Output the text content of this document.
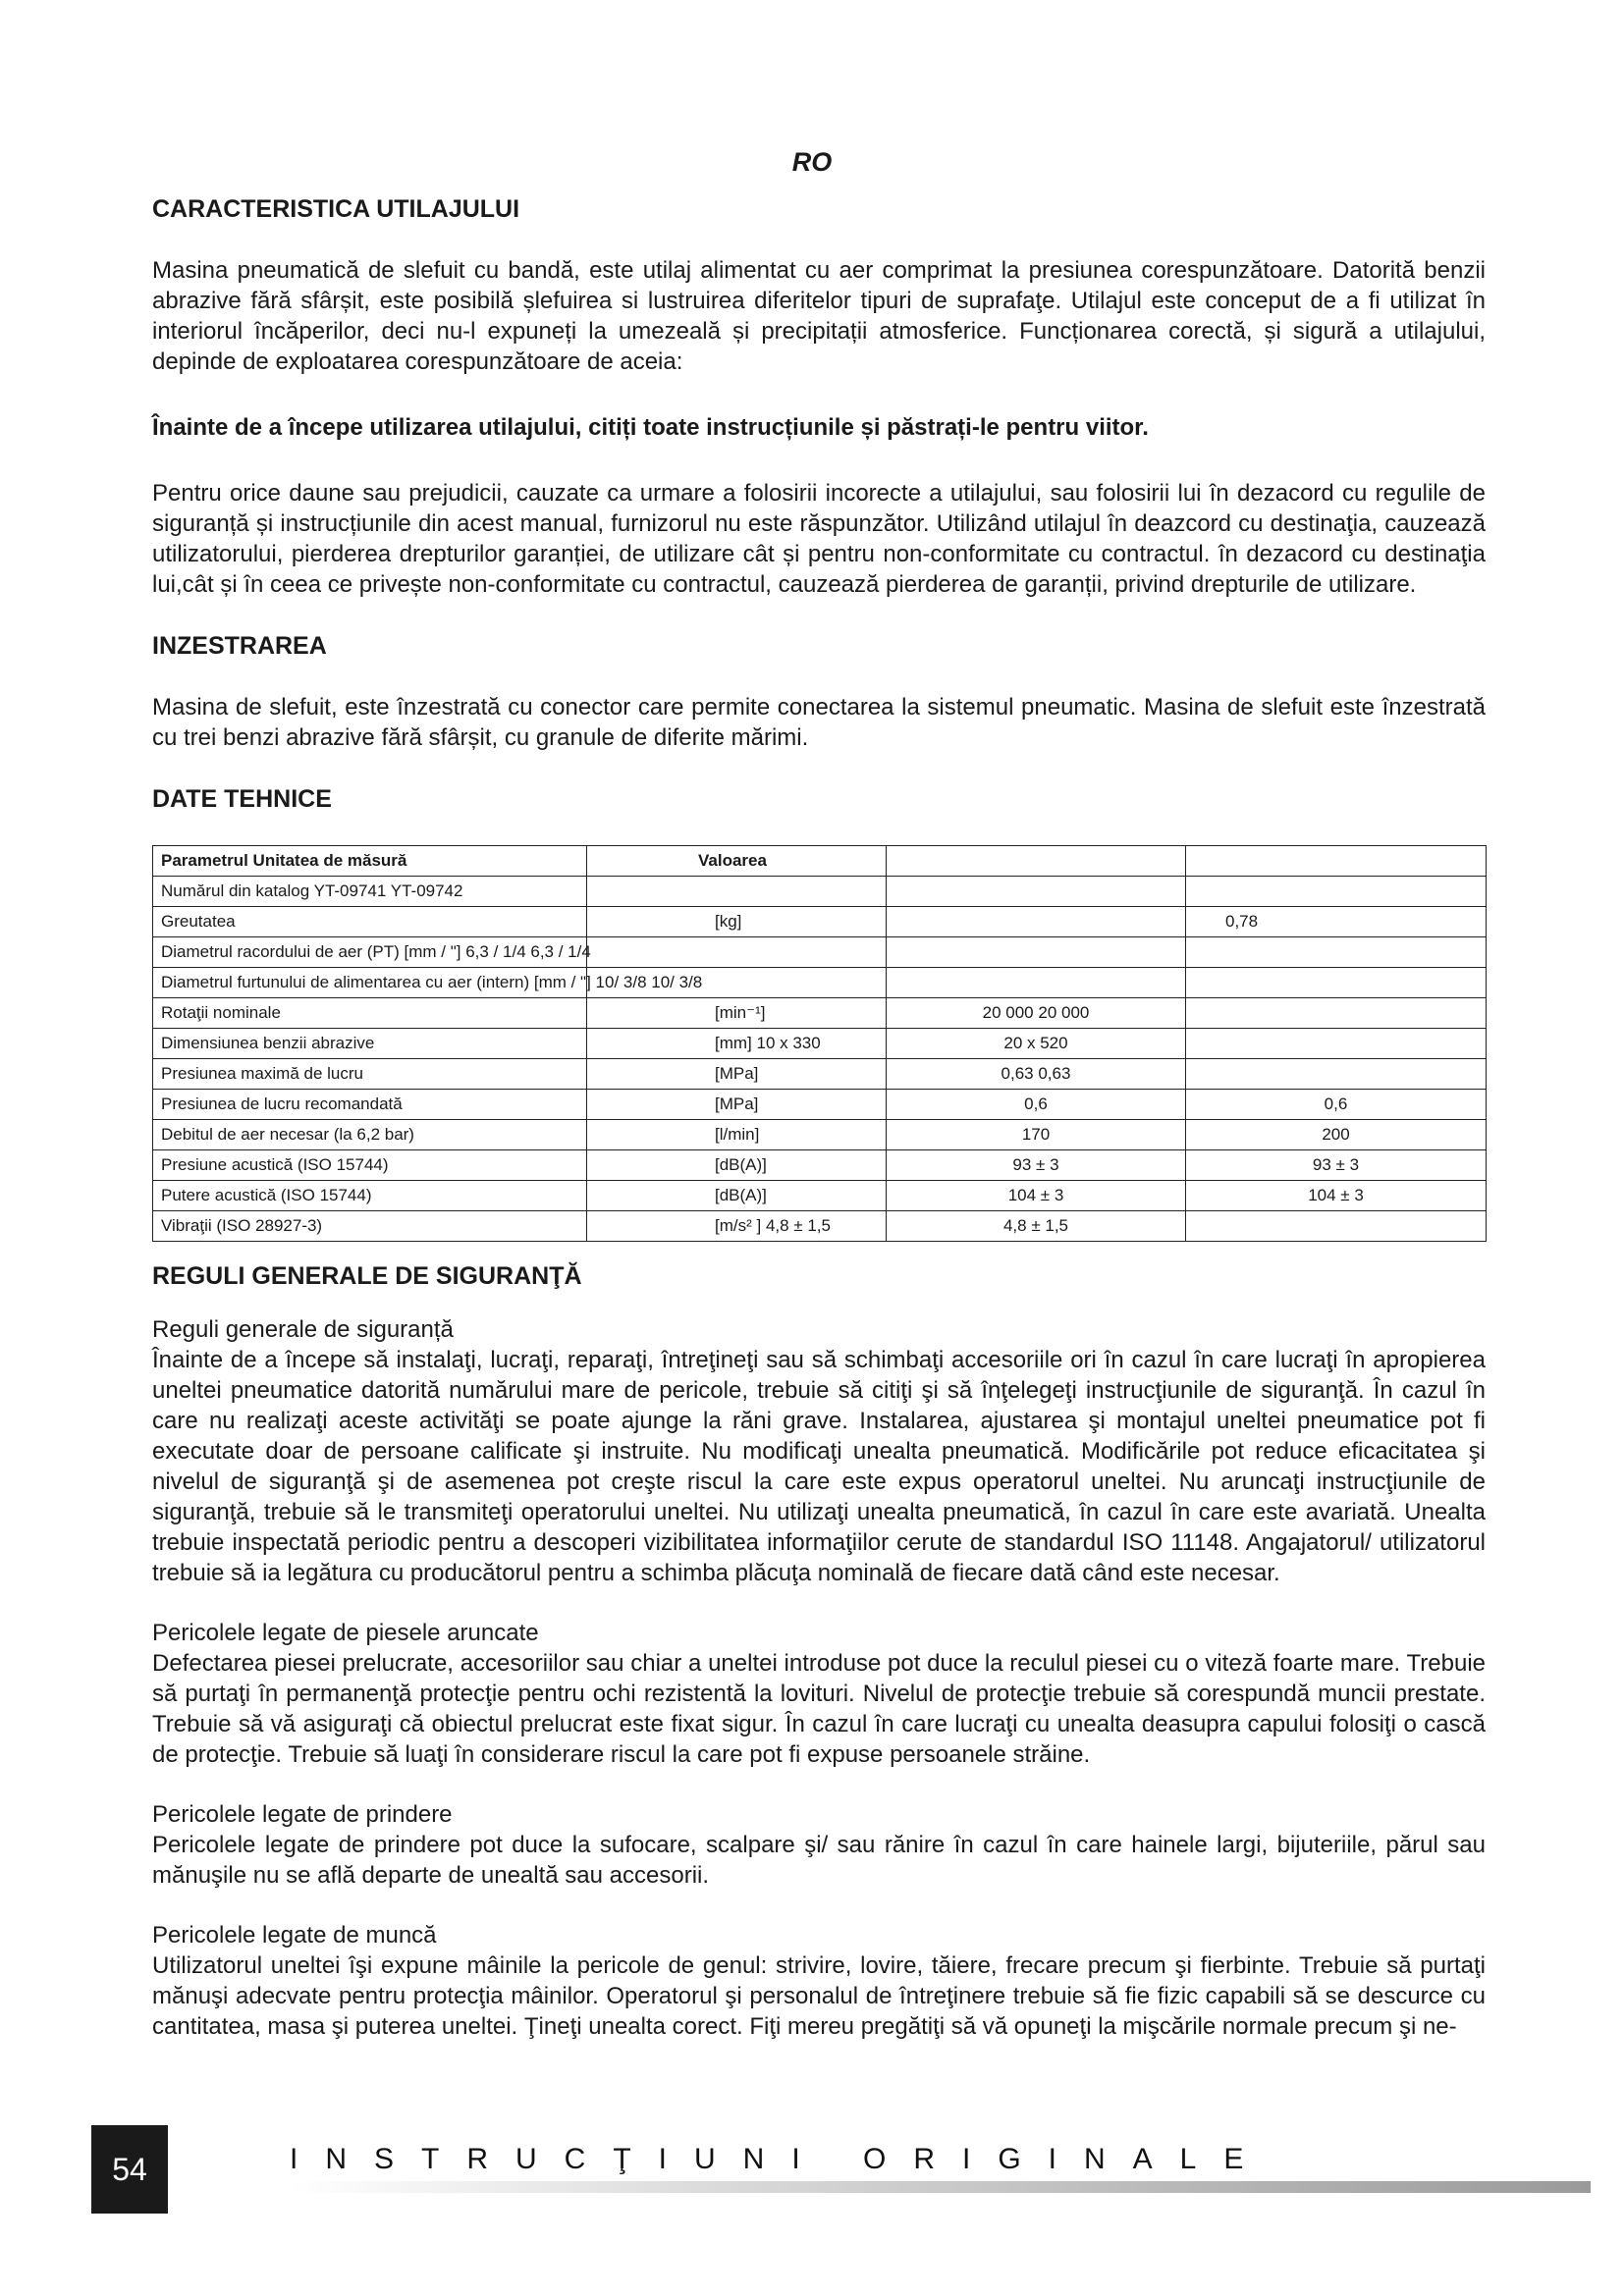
RO
CARACTERISTICA UTILAJULUI

Masina pneumatică de slefuit cu bandă, este utilaj alimentat cu aer comprimat la presiunea corespunzătoare. Datorită benzii abrazive fără sfârșit, este posibilă șlefuirea si lustruirea diferitelor tipuri de suprafaţe. Utilajul este conceput de a fi utilizat în interiorul încăperilor, deci nu-l expuneți la umezeală și precipitații atmosferice. Funcționarea corectă, și sigură a utilajului, depinde de exploatarea corespunzătoare de aceia:

Înainte de a începe utilizarea utilajului, citiți toate instrucțiunile și păstrați-le pentru viitor.

Pentru orice daune sau prejudicii, cauzate ca urmare a folosirii incorecte a utilajului, sau folosirii lui în dezacord cu regulile de siguranță și instrucțiunile din acest manual, furnizorul nu este răspunzător. Utilizând utilajul în deazcord cu destinaţia, cauzează utilizatorului, pierderea drepturilor garanției, de utilizare cât și pentru non-conformitate cu contractul. în dezacord cu destinaţia lui,cât și în ceea ce privește non-conformitate cu contractul, cauzează pierderea de garanții, privind drepturile de utilizare.

INZESTRAREA

Masina de slefuit, este înzestrată cu conector care permite conectarea la sistemul pneumatic. Masina de slefuit este înzestrată cu trei benzi abrazive fără sfârșit, cu granule de diferite mărimi.

DATE TEHNICE
Parametrul Unitatea de măsură	Valoarea		
Numărul din katalog YT-09741 YT-09742			
Greutatea	[kg]		0,78
Diametrul racordului de aer (PT) [mm / "] 6,3 / 1/4 6,3 / 1/4			
Diametrul furtunului de alimentarea cu aer (intern) [mm / "] 10/ 3/8 10/ 3/8			
Rotaţii nominale	[min⁻¹]	20 000 20 000	
Dimensiunea benzii abrazive	[mm] 10 x 330	20 x 520	
Presiunea maximă de lucru	[MPa]	0,63 0,63	
Presiunea de lucru recomandată	[MPa]	0,6	0,6
Debitul de aer necesar (la 6,2 bar)	[l/min]	170	200
Presiune acustică (ISO 15744)	[dB(A)]	93 ± 3	93 ± 3
Putere acustică (ISO 15744)	[dB(A)]	104 ± 3	104 ± 3
Vibraţii (ISO 28927-3)	[m/s² ] 4,8 ± 1,5	4,8 ± 1,5	
REGULI GENERALE DE SIGURANŢĂ

Reguli generale de siguranță

Înainte de a începe să instalaţi, lucraţi, reparaţi, întreţineţi sau să schimbaţi accesoriile ori în cazul în care lucraţi în apropierea uneltei pneumatice datorită numărului mare de pericole, trebuie să citiţi şi să înţelegeţi instrucţiunile de siguranţă. În cazul în care nu realizaţi aceste activităţi se poate ajunge la răni grave. Instalarea, ajustarea şi montajul uneltei pneumatice pot fi executate doar de persoane calificate şi instruite. Nu modificaţi unealta pneumatică. Modificările pot reduce eficacitatea şi nivelul de siguranţă şi de asemenea pot creşte riscul la care este expus operatorul uneltei. Nu aruncaţi instrucţiunile de siguranţă, trebuie să le transmiteţi operatorului uneltei. Nu utilizaţi unealta pneumatică, în cazul în care este avariată. Unealta trebuie inspectată periodic pentru a descoperi vizibilitatea informaţiilor cerute de standardul ISO 11148. Angajatorul/ utilizatorul trebuie să ia legătura cu producătorul pentru a schimba plăcuţa nominală de fiecare dată când este necesar.

Pericolele legate de piesele aruncate

Defectarea piesei prelucrate, accesoriilor sau chiar a uneltei introduse pot duce la reculul piesei cu o viteză foarte mare. Trebuie să purtaţi în permanenţă protecţie pentru ochi rezistentă la lovituri. Nivelul de protecţie trebuie să corespundă muncii prestate. Trebuie să vă asiguraţi că obiectul prelucrat este fixat sigur. În cazul în care lucraţi cu unealta deasupra capului folosiţi o cască de protecţie. Trebuie să luaţi în considerare riscul la care pot fi expuse persoanele străine.

Pericolele legate de prindere

Pericolele legate de prindere pot duce la sufocare, scalpare şi/ sau rănire în cazul în care hainele largi, bijuteriile, părul sau mănuşile nu se află departe de unealtă sau accesorii.

Pericolele legate de muncă

Utilizatorul uneltei îşi expune mâinile la pericole de genul: strivire, lovire, tăiere, frecare precum şi fierbinte. Trebuie să purtaţi mănuşi adecvate pentru protecţia mâinilor. Operatorul şi personalul de întreţinere trebuie să fie fizic capabili să se descurce cu cantitatea, masa şi puterea uneltei. Ţineţi unealta corect. Fiţi mereu pregătiţi să vă opuneţi la mişcările normale precum şi ne-

54	INSTRUCŢIUNI ORIGINALE
